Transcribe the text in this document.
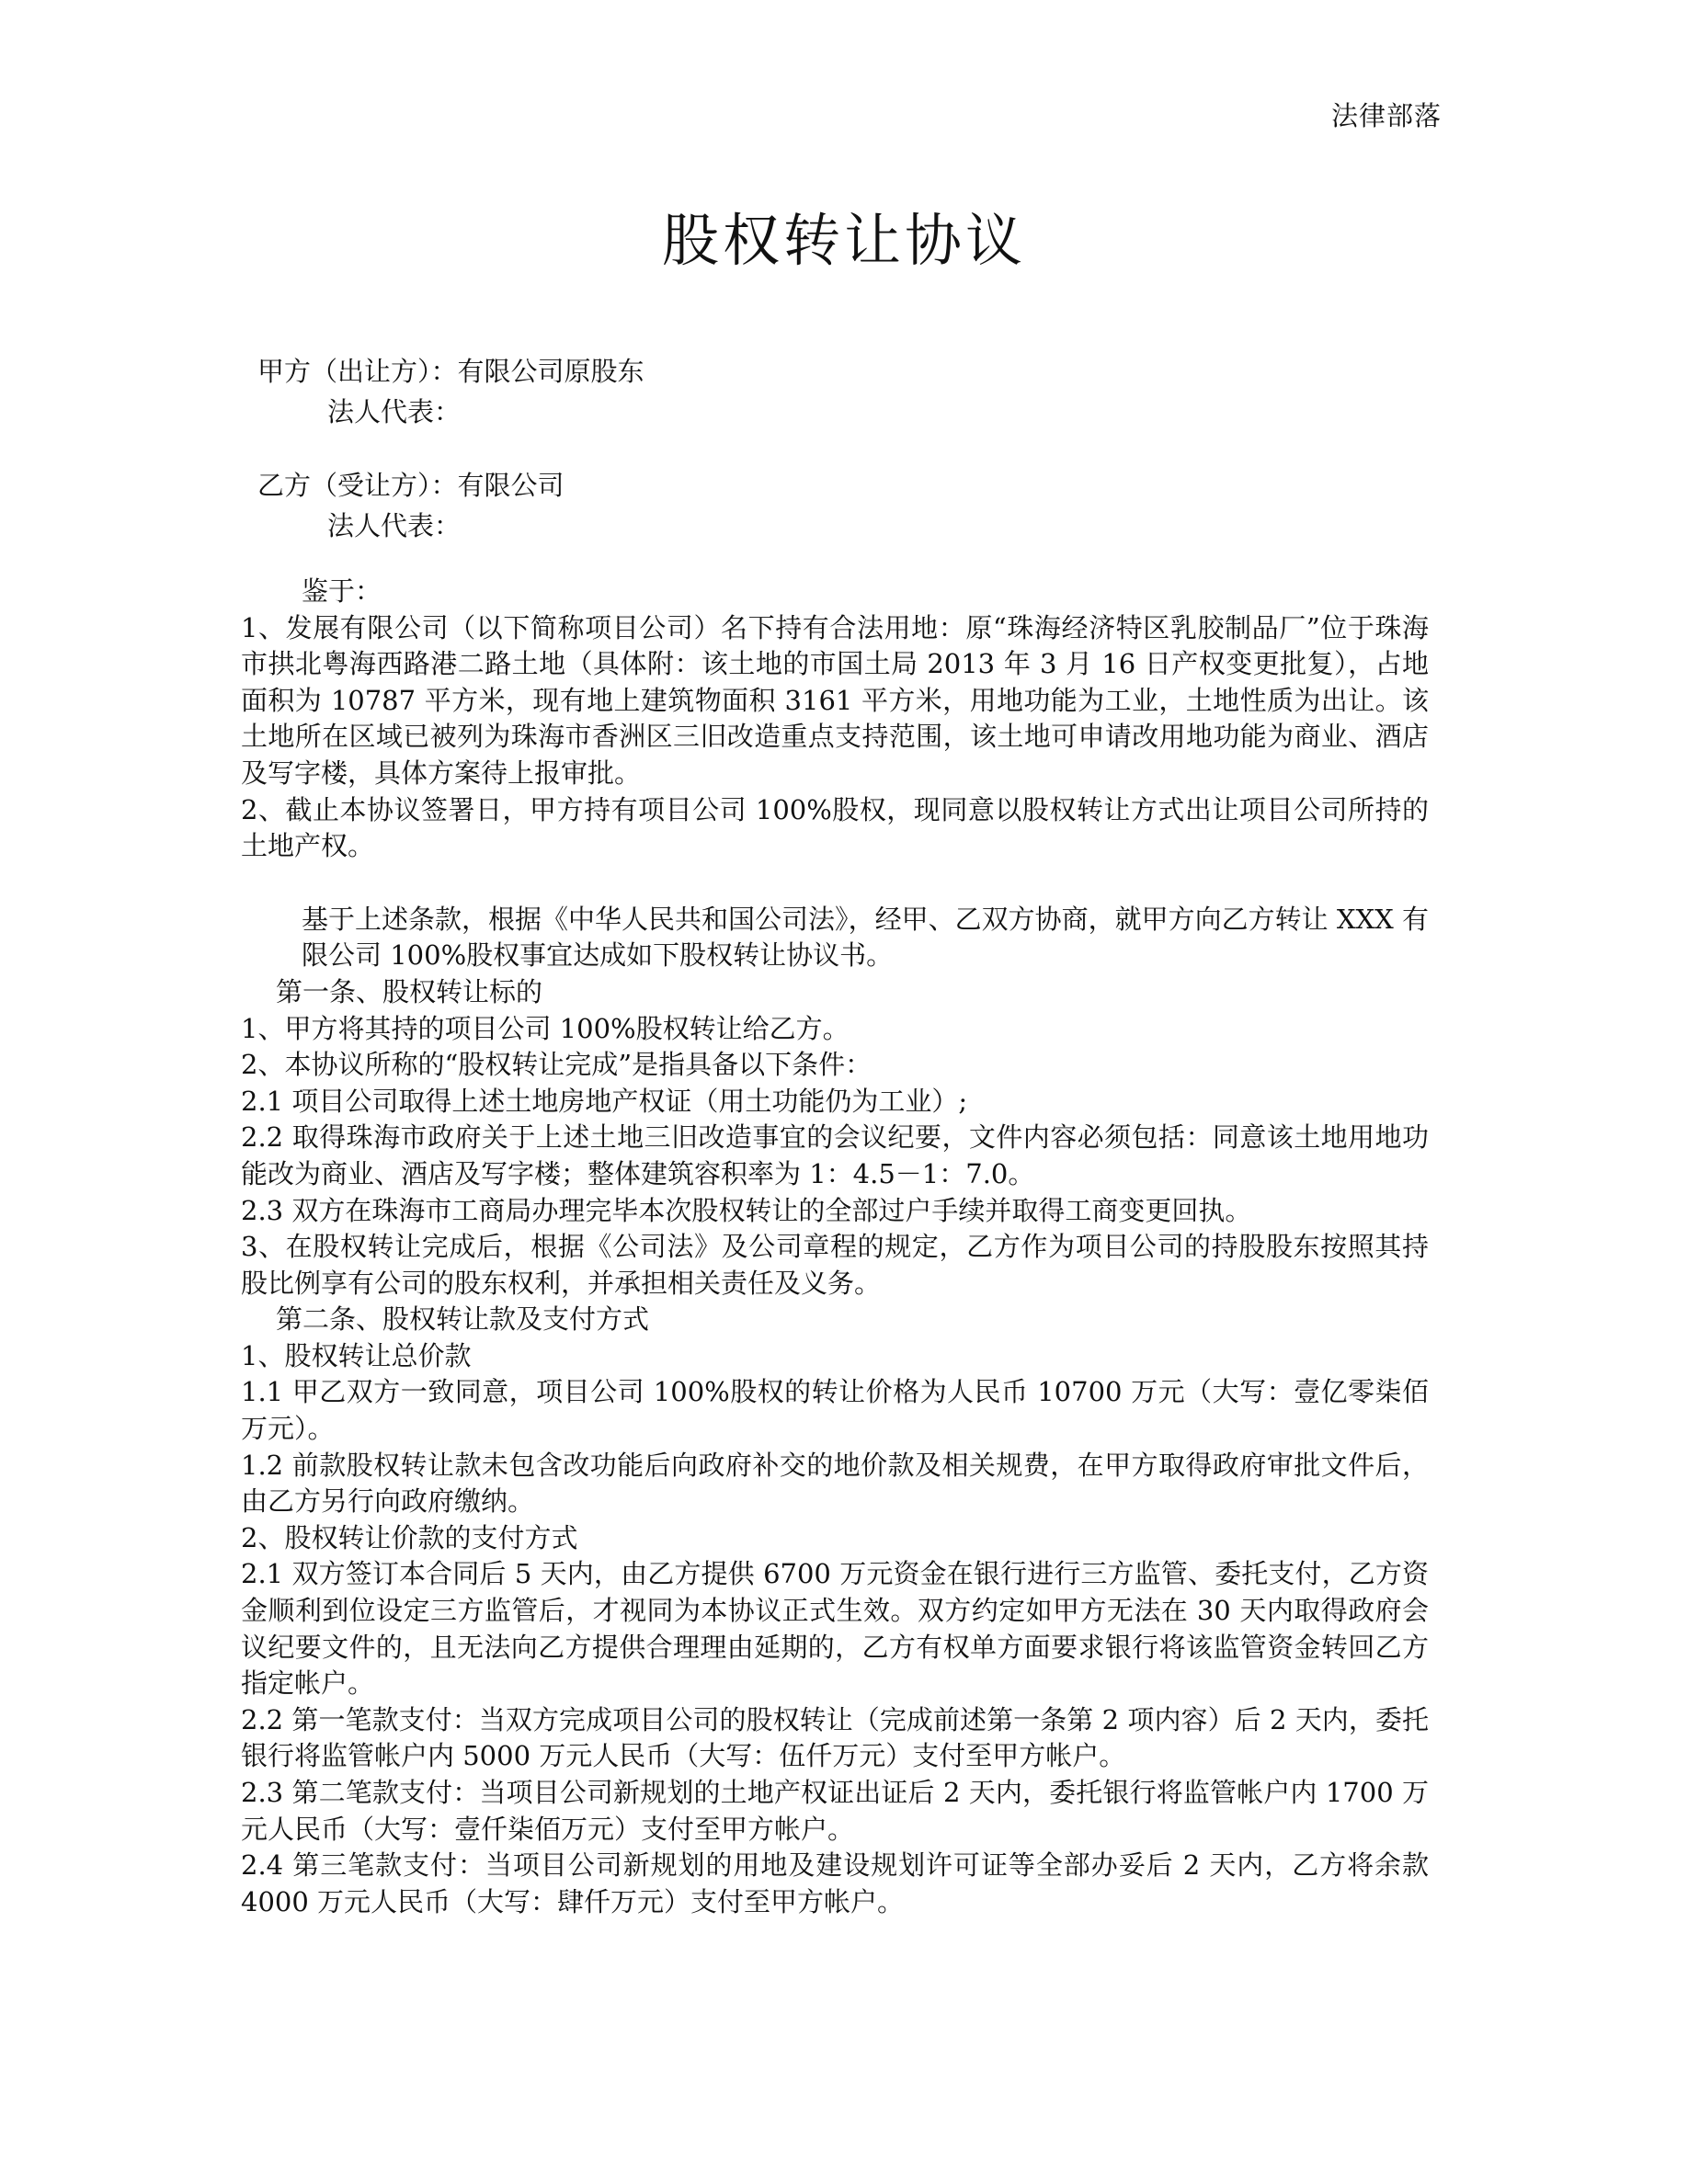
法律部落
股权转让协议
甲方（出让方）：有限公司原股东
法人代表：
乙方（受让方）：有限公司
法人代表：

鉴于：

1、发展有限公司（以下简称项目公司）名下持有合法用地：原“珠海经济特区乳胶制品厂”位于珠海市拱北粤海西路港二路土地（具体附：该土地的市国土局 2013 年 3 月 16 日产权变更批复），占地面积为 10787 平方米，现有地上建筑物面积 3161 平方米，用地功能为工业，土地性质为出让。该土地所在区域已被列为珠海市香洲区三旧改造重点支持范围，该土地可申请改用地功能为商业、酒店及写字楼，具体方案待上报审批。

2、截止本协议签署日，甲方持有项目公司 100%股权，现同意以股权转让方式出让项目公司所持的土地产权。

基于上述条款，根据《中华人民共和国公司法》，经甲、乙双方协商，就甲方向乙方转让 XXX 有限公司 100%股权事宜达成如下股权转让协议书。

第一条、股权转让标的

1、甲方将其持的项目公司 100%股权转让给乙方。

2、本协议所称的“股权转让完成”是指具备以下条件：

2.1 项目公司取得上述土地房地产权证（用土功能仍为工业）;

2.2 取得珠海市政府关于上述土地三旧改造事宜的会议纪要，文件内容必须包括：同意该土地用地功能改为商业、酒店及写字楼；整体建筑容积率为 1：4.5－1：7.0。

2.3 双方在珠海市工商局办理完毕本次股权转让的全部过户手续并取得工商变更回执。

3、在股权转让完成后，根据《公司法》及公司章程的规定，乙方作为项目公司的持股股东按照其持股比例享有公司的股东权利，并承担相关责任及义务。

第二条、股权转让款及支付方式

1、股权转让总价款

1.1 甲乙双方一致同意，项目公司 100%股权的转让价格为人民币 10700 万元（大写：壹亿零柒佰万元）。

1.2 前款股权转让款未包含改功能后向政府补交的地价款及相关规费，在甲方取得政府审批文件后，由乙方另行向政府缴纳。

2、股权转让价款的支付方式

2.1 双方签订本合同后 5 天内，由乙方提供 6700 万元资金在银行进行三方监管、委托支付，乙方资金顺利到位设定三方监管后，才视同为本协议正式生效。双方约定如甲方无法在 30 天内取得政府会议纪要文件的，且无法向乙方提供合理理由延期的，乙方有权单方面要求银行将该监管资金转回乙方指定帐户。

2.2 第一笔款支付：当双方完成项目公司的股权转让（完成前述第一条第 2 项内容）后 2 天内，委托银行将监管帐户内 5000 万元人民币（大写：伍仟万元）支付至甲方帐户。

2.3 第二笔款支付：当项目公司新规划的土地产权证出证后 2 天内，委托银行将监管帐户内 1700 万元人民币（大写：壹仟柒佰万元）支付至甲方帐户。

2.4 第三笔款支付：当项目公司新规划的用地及建设规划许可证等全部办妥后 2 天内，乙方将余款 4000 万元人民币（大写：肆仟万元）支付至甲方帐户。
